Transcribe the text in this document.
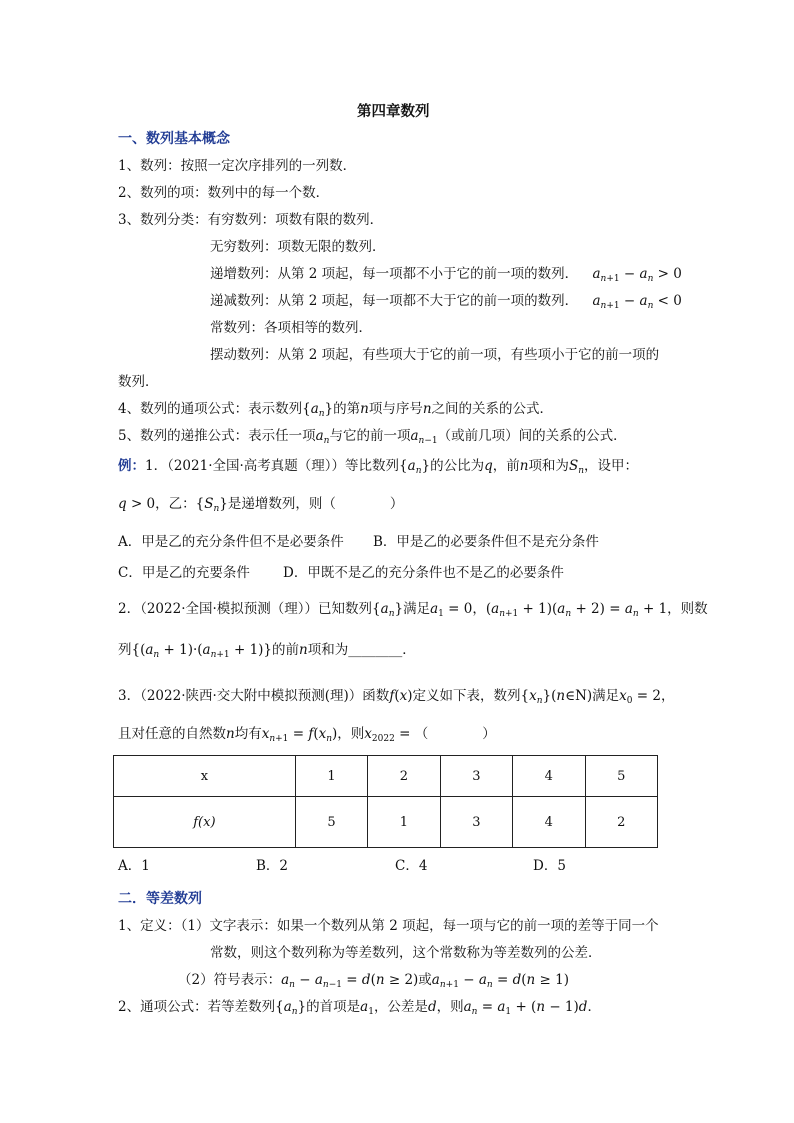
第四章数列
一、数列基本概念
1、数列：按照一定次序排列的一列数．
2、数列的项：数列中的每一个数．
3、数列分类：有穷数列：项数有限的数列．
无穷数列：项数无限的数列．
递增数列：从第 2 项起，每一项都不小于它的前一项的数列． $a_{n+1} - a_n > 0$
递减数列：从第 2 项起，每一项都不大于它的前一项的数列． $a_{n+1} - a_n < 0$
常数列：各项相等的数列．
摆动数列：从第 2 项起，有些项大于它的前一项，有些项小于它的前一项的
数列．
4、数列的通项公式：表示数列$\{a_n\}$的第n项与序号n之间的关系的公式．
5、数列的递推公式：表示任一项$a_n$与它的前一项$a_{n-1}$（或前几项）间的关系的公式．
例：1．（2021·全国·高考真题（理））等比数列$\{a_n\}$的公比为q，前n项和为$S_n$，设甲：
q > 0，乙：$\{S_n\}$是递增数列，则（　　　　）
A．甲是乙的充分条件但不是必要条件 B．甲是乙的必要条件但不是充分条件
C．甲是乙的充要条件 D．甲既不是乙的充分条件也不是乙的必要条件
2．（2022·全国·模拟预测（理））已知数列$\{a_n\}$满足$a_1 = 0$，$(a_{n+1} + 1)(a_n + 2) = a_n + 1$，则数
列$\{(a_n + 1)\cdot(a_{n+1} + 1)\}$的前n项和为________．
3．（2022·陕西·交大附中模拟预测(理)）函数f(x)定义如下表，数列$\{x_n\}(n\in N)$满足$x_0 = 2$，
且对任意的自然数n均有$x_{n+1} = f(x_n)$，则$x_{2022}$ = （　　　　）
x	1	2	3	4	5
f(x)	5	1	3	4	2
A．1	B．2	C．4	D．5
二．等差数列
1、定义：（1）文字表示：如果一个数列从第 2 项起，每一项与它的前一项的差等于同一个
常数，则这个数列称为等差数列，这个常数称为等差数列的公差．
（2）符号表示：$a_n - a_{n-1} = d(n \ge 2)$或$a_{n+1} - a_n = d(n \ge 1)$
2、通项公式：若等差数列$\{a_n\}$的首项是$a_1$，公差是d，则$a_n = a_1 + (n - 1)d$．
